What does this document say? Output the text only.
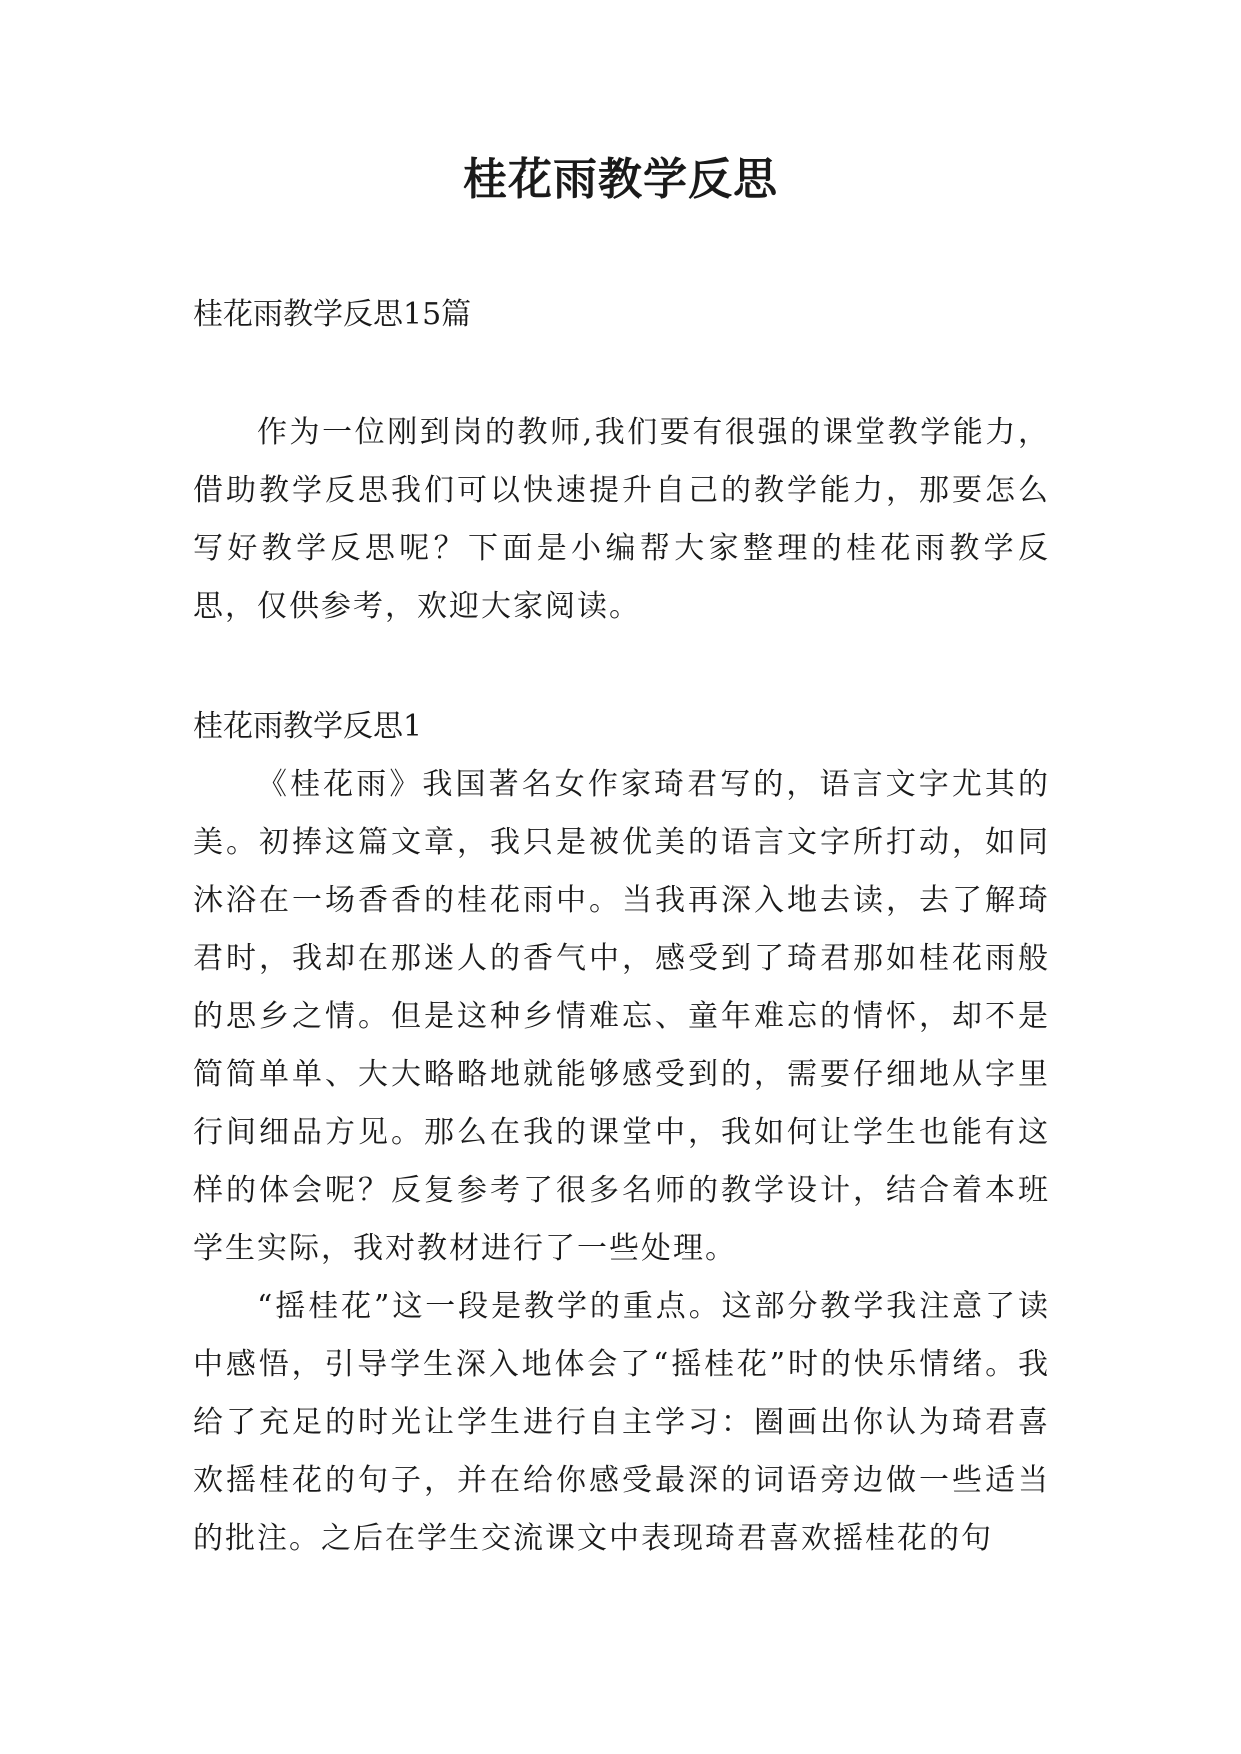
桂花雨教学反思

桂花雨教学反思15篇

作为一位刚到岗的教师,我们要有很强的课堂教学能力，借助教学反思我们可以快速提升自己的教学能力，那要怎么写好教学反思呢？下面是小编帮大家整理的桂花雨教学反思，仅供参考，欢迎大家阅读。

桂花雨教学反思1

《桂花雨》我国著名女作家琦君写的，语言文字尤其的美。初捧这篇文章，我只是被优美的语言文字所打动，如同沐浴在一场香香的桂花雨中。当我再深入地去读，去了解琦君时，我却在那迷人的香气中，感受到了琦君那如桂花雨般的思乡之情。但是这种乡情难忘、童年难忘的情怀，却不是简简单单、大大略略地就能够感受到的，需要仔细地从字里行间细品方见。那么在我的课堂中，我如何让学生也能有这样的体会呢？反复参考了很多名师的教学设计，结合着本班学生实际，我对教材进行了一些处理。

“摇桂花”这一段是教学的重点。这部分教学我注意了读中感悟，引导学生深入地体会了“摇桂花”时的快乐情绪。我给了充足的时光让学生进行自主学习：圈画出你认为琦君喜欢摇桂花的句子，并在给你感受最深的词语旁边做一些适当的批注。之后在学生交流课文中表现琦君喜欢摇桂花的句
